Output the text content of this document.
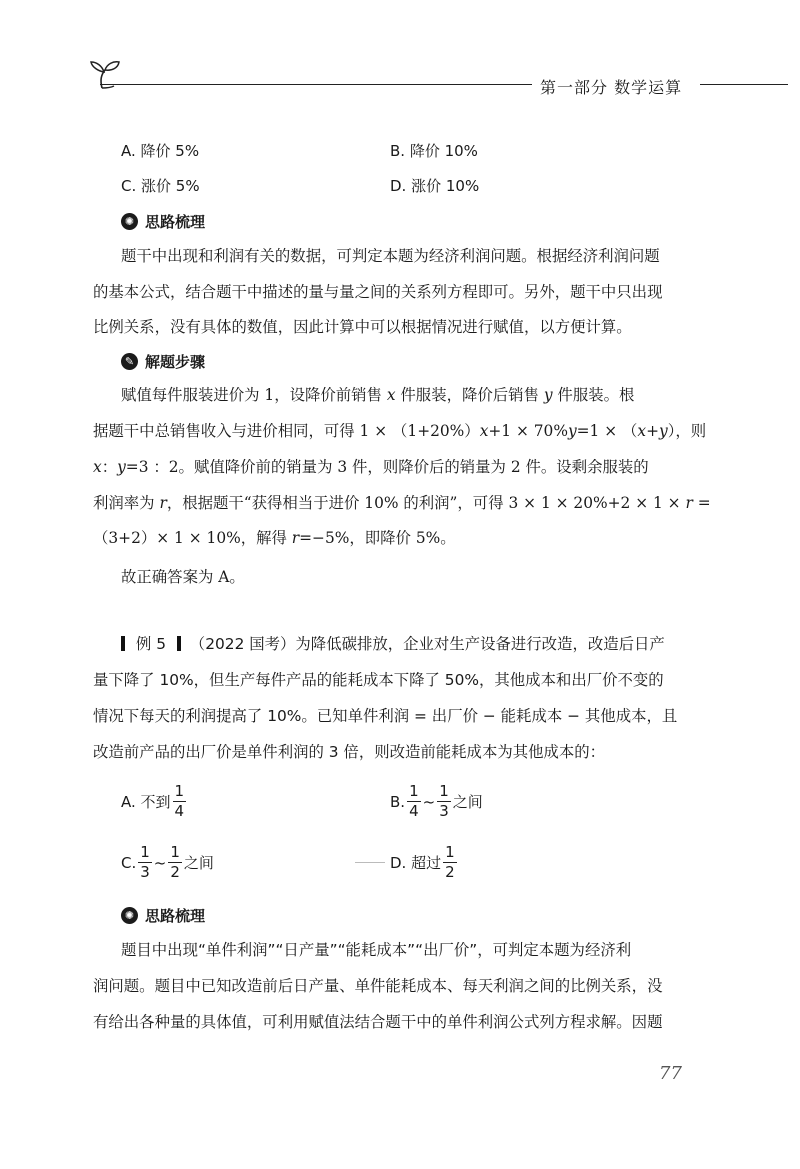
第一部分 数学运算
A. 降价 5%	B. 降价 10%
C. 涨价 5%	D. 涨价 10%
✺ 思路梳理
题干中出现和利润有关的数据，可判定本题为经济利润问题。根据经济利润问题
的基本公式，结合题干中描述的量与量之间的关系列方程即可。另外，题干中只出现
比例关系，没有具体的数值，因此计算中可以根据情况进行赋值，以方便计算。
✎ 解题步骤
赋值每件服装进价为 1，设降价前销售 x 件服装，降价后销售 y 件服装。根
据题干中总销售收入与进价相同，可得 1 × （1+20%）x+1 × 70%y=1 × （x+y），则
x：y=3 ：2。赋值降价前的销量为 3 件，则降价后的销量为 2 件。设剩余服装的
利润率为 r，根据题干“获得相当于进价 10% 的利润”，可得 3 × 1 × 20%+2 × 1 × r =
（3+2）× 1 × 10%，解得 r=−5%，即降价 5%。
故正确答案为 A。
例 5 （2022 国考）为降低碳排放，企业对生产设备进行改造，改造后日产
量下降了 10%，但生产每件产品的能耗成本下降了 50%，其他成本和出厂价不变的
情况下每天的利润提高了 10%。已知单件利润 = 出厂价 − 能耗成本 − 其他成本，且
改造前产品的出厂价是单件利润的 3 倍，则改造前能耗成本为其他成本的：
A. 不到 $\frac{1}{4}$	B. $\frac{1}{4}$ ~ $\frac{1}{3}$ 之间
C. $\frac{1}{3}$ ~ $\frac{1}{2}$ 之间	D. 超过 $\frac{1}{2}$
✺ 思路梳理
题目中出现“单件利润”“日产量”“能耗成本”“出厂价”，可判定本题为经济利
润问题。题目中已知改造前后日产量、单件能耗成本、每天利润之间的比例关系，没
有给出各种量的具体值，可利用赋值法结合题干中的单件利润公式列方程求解。因题
77
